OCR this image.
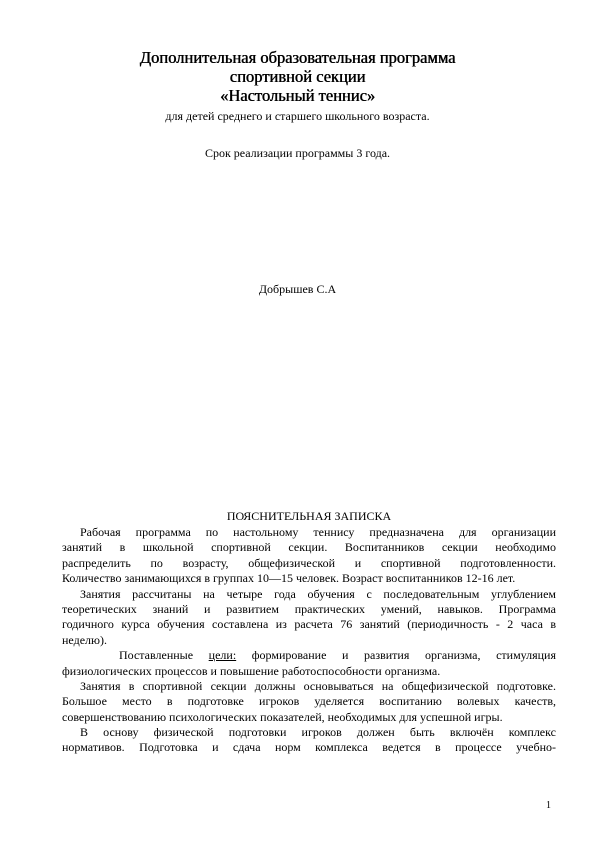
Дополнительная образовательная программа
спортивной секции
«Настольный теннис»
для детей среднего и старшего школьного возраста.
Срок реализации программы 3 года.
Добрышев С.А
ПОЯСНИТЕЛЬНАЯ ЗАПИСКА
Рабочая программа по настольному теннису предназначена для организации
занятий в школьной спортивной секции. Воспитанников секции необходимо
распределить по возрасту, общефизической и спортивной подготовленности.
Количество занимающихся в группах 10—15 человек. Возраст воспитанников 12-16 лет.
Занятия рассчитаны на четыре года обучения с последовательным углублением
теоретических знаний и развитием практических умений, навыков. Программа
годичного курса обучения составлена из расчета 76 занятий (периодичность - 2 часа в
неделю).
Поставленные цели: формирование и развития организма, стимуляция
физиологических процессов и повышение работоспособности организма.
Занятия в спортивной секции должны основываться на общефизической подготовке.
Большое место в подготовке игроков уделяется воспитанию волевых качеств,
совершенствованию психологических показателей, необходимых для успешной игры.
В основу физической подготовки игроков должен быть включён комплекс
нормативов. Подготовка и сдача норм комплекса ведется в процессе учебно-
1
